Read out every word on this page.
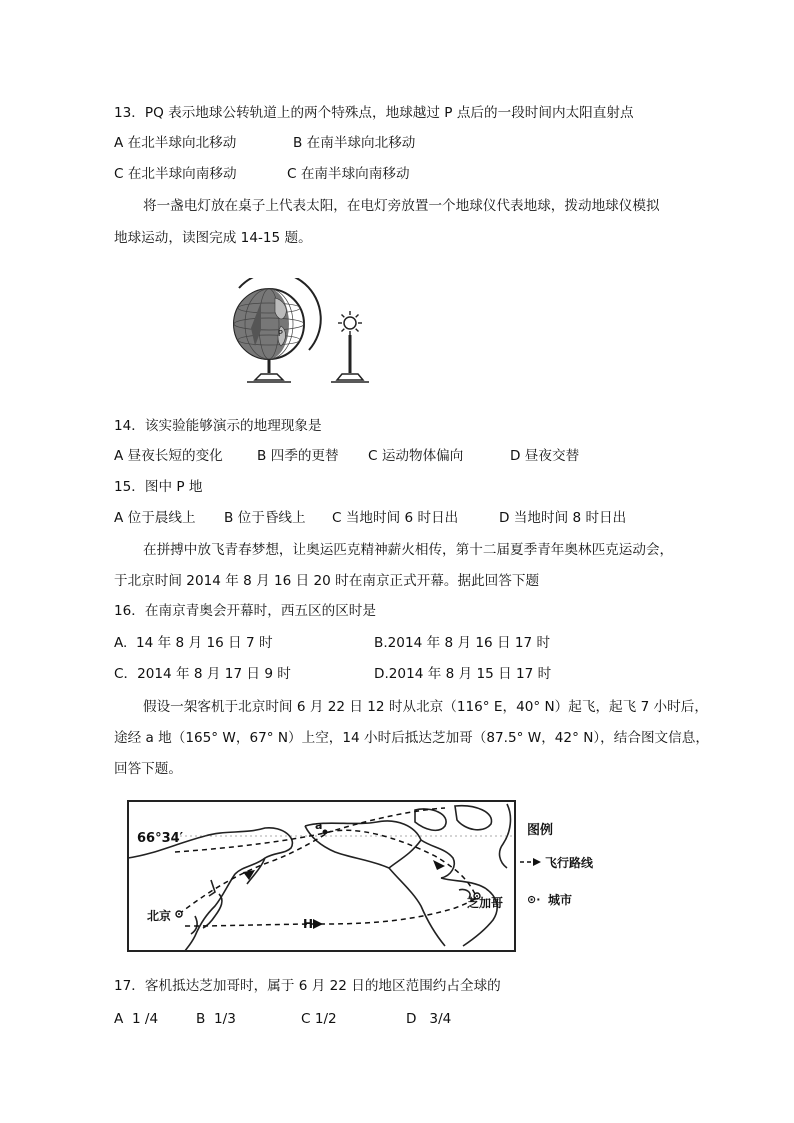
13．PQ 表示地球公转轨道上的两个特殊点，地球越过 P 点后的一段时间内太阳直射点
A 在北半球向北移动	B 在南半球向北移动
C 在北半球向南移动	C 在南半球向南移动
将一盏电灯放在桌子上代表太阳，在电灯旁放置一个地球仪代表地球，拨动地球仪模拟
地球运动，读图完成 14-15 题。
P
14．该实验能够演示的地理现象是
A 昼夜长短的变化	B 四季的更替 C 运动物体偏向	D 昼夜交替
15．图中 P 地
A 位于晨线上 B 位于昏线上 C 当地时间 6 时日出	D 当地时间 8 时日出
在拼搏中放飞青春梦想，让奥运匹克精神薪火相传，第十二届夏季青年奥林匹克运动会，
于北京时间 2014 年 8 月 16 日 20 时在南京正式开幕。据此回答下题
16．在南京青奥会开幕时，西五区的区时是
A.  14 年 8 月 16 日 7 时	B.2014 年 8 月 16 日 17 时
C．2014 年 8 月 17 日 9 时	D.2014 年 8 月 15 日 17 时
假设一架客机于北京时间 6 月 22 日 12 时从北京（116° E，40° N）起飞，起飞 7 小时后，
途经 a 地（165° W，67° N）上空，14 小时后抵达芝加哥（87.5° W，42° N），结合图文信息，
回答下题。
66°34′
a
H
北京
芝加哥
图例
飞行路线
⊙· 城市
17．客机抵达芝加哥时，属于 6 月 22 日的地区范围约占全球的
A  1 /4	B  1/3	C 1/2	D   3/4
